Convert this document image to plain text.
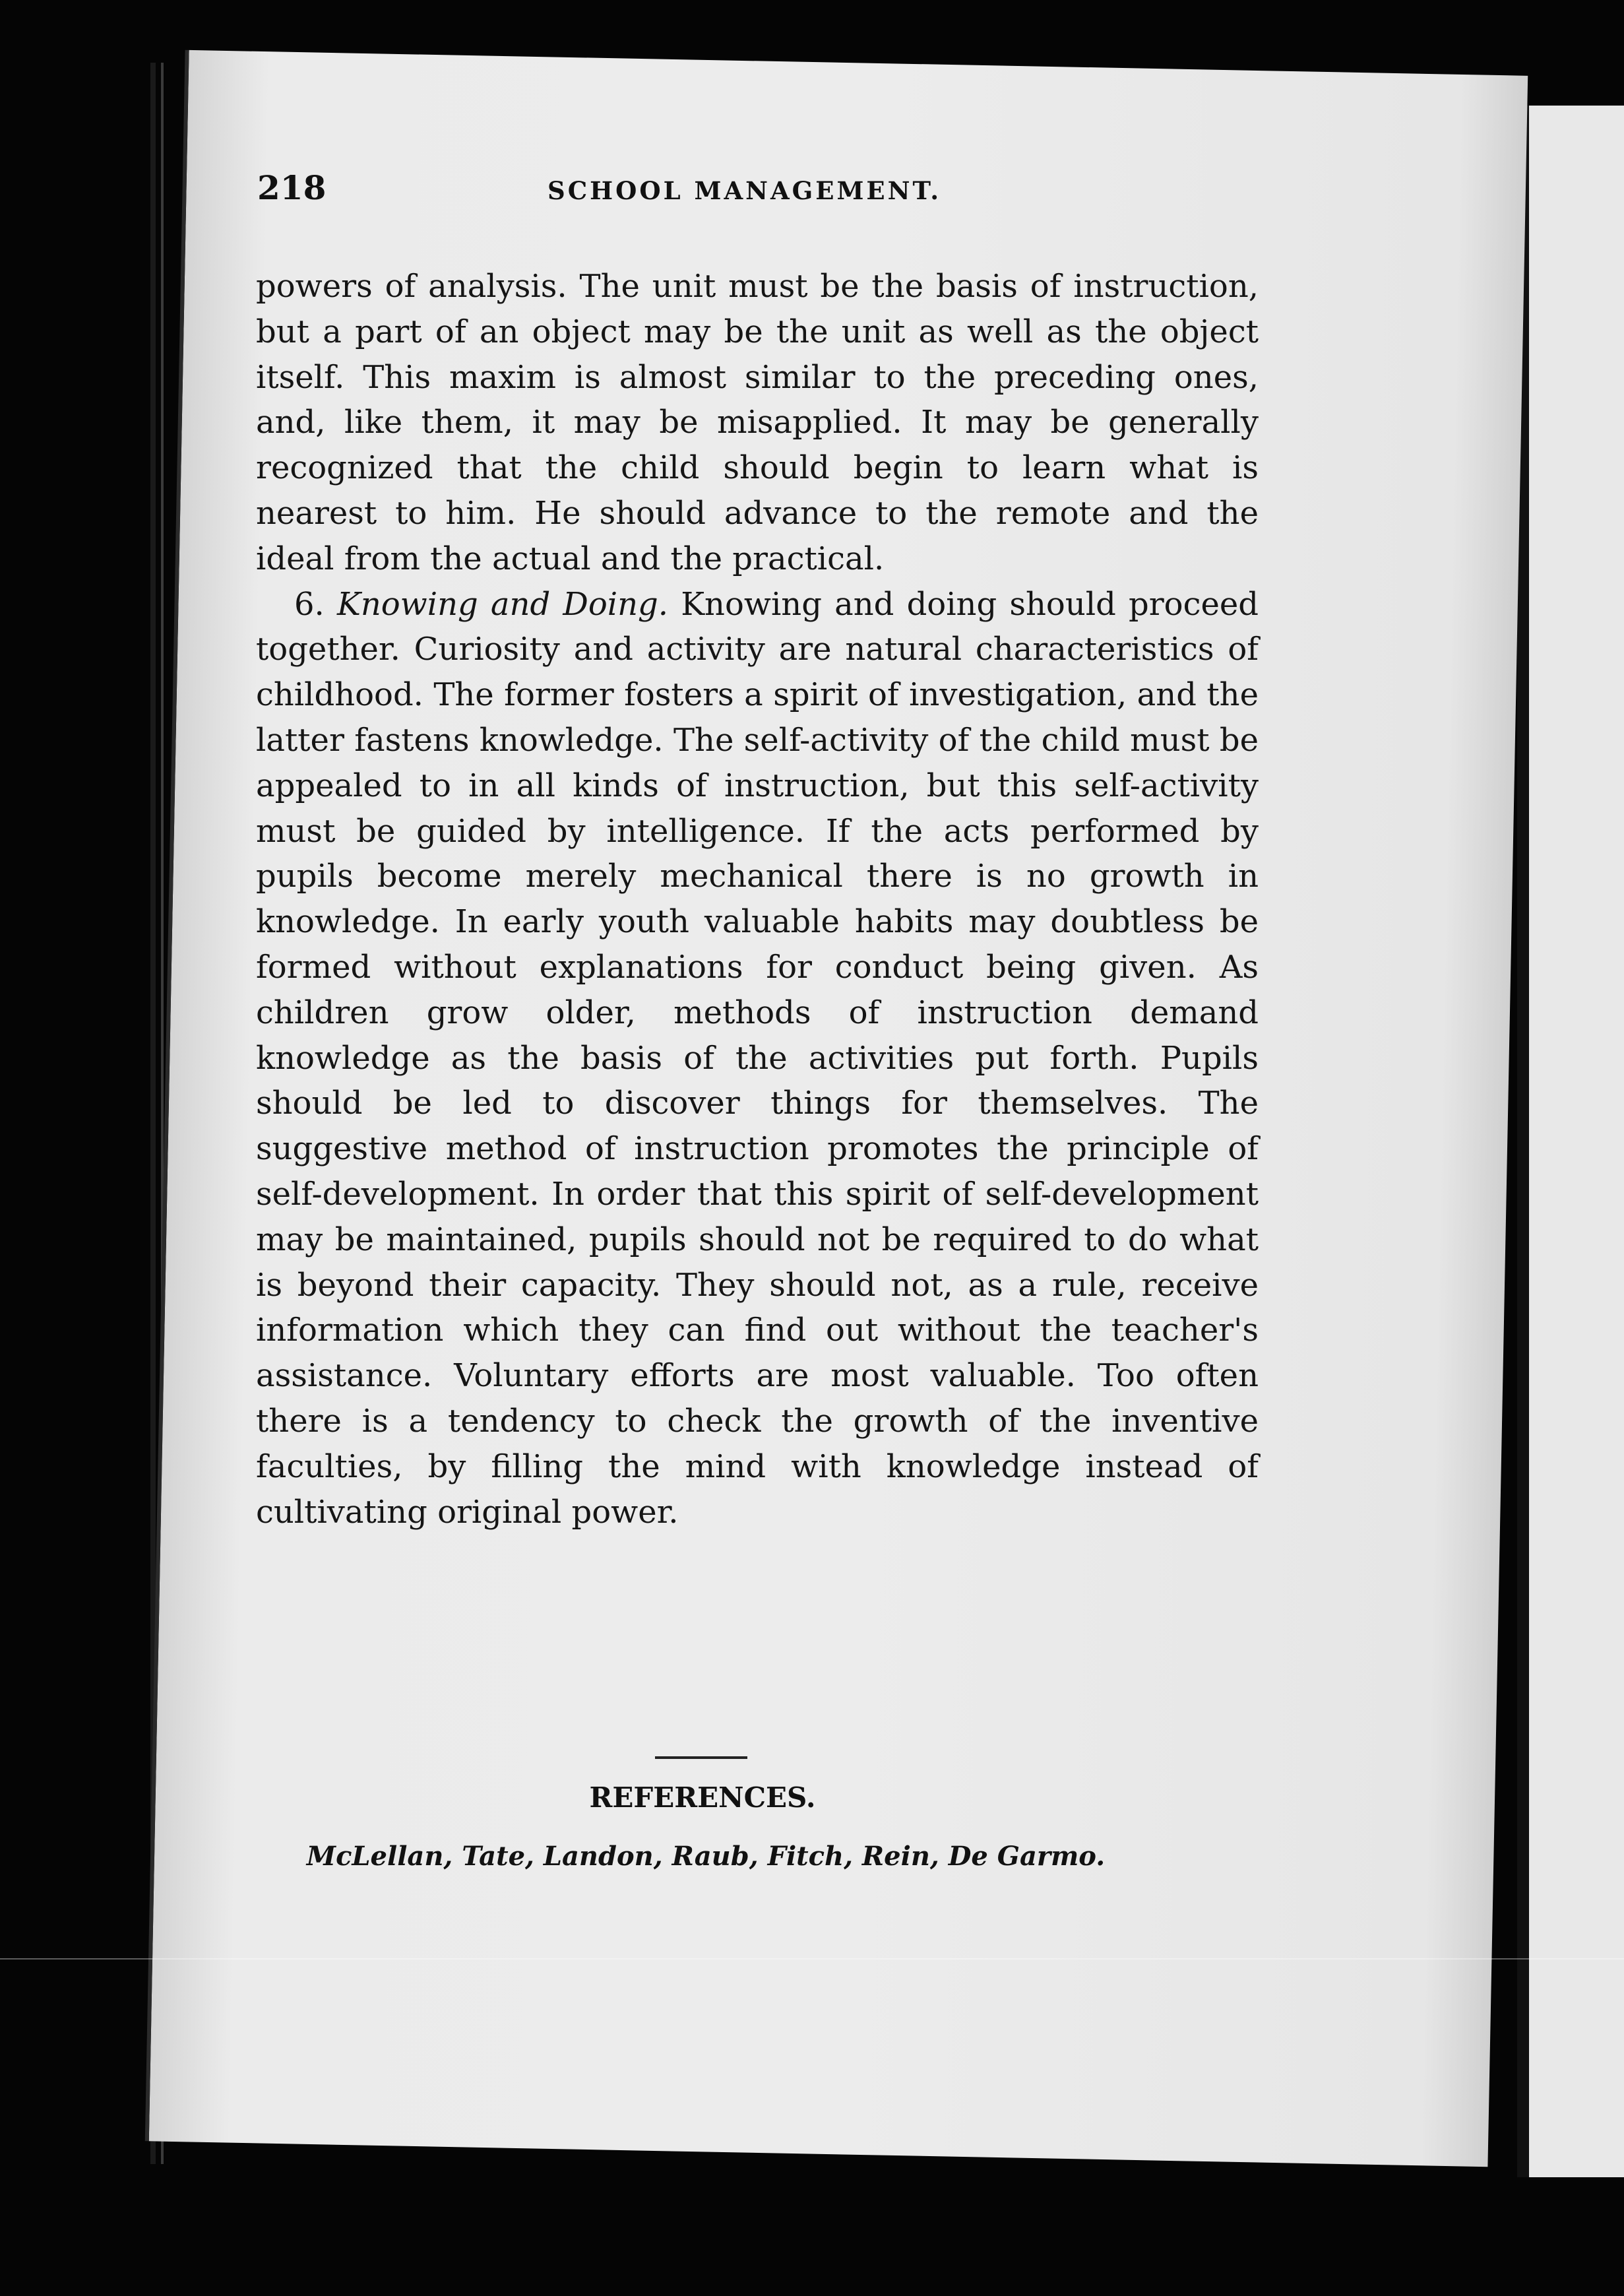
218	SCHOOL MANAGEMENT.

powers of analysis. The unit must be the basis of instruction, but a part of an object may be the unit as well as the object itself. This maxim is almost similar to the preceding ones, and, like them, it may be misapplied. It may be generally recognized that the child should begin to learn what is nearest to him. He should advance to the remote and the ideal from the actual and the practical.

6. Knowing and Doing. Knowing and doing should proceed together. Curiosity and activity are natural characteristics of childhood. The former fosters a spirit of investigation, and the latter fastens knowledge. The self-activity of the child must be appealed to in all kinds of instruction, but this self-activity must be guided by intelligence. If the acts performed by pupils become merely mechanical there is no growth in knowledge. In early youth valuable habits may doubtless be formed without explanations for conduct being given. As children grow older, methods of instruction demand knowledge as the basis of the activities put forth. Pupils should be led to discover things for themselves. The suggestive method of instruction promotes the principle of self-development. In order that this spirit of self-development may be maintained, pupils should not be required to do what is beyond their capacity. They should not, as a rule, receive information which they can find out without the teacher's assistance. Voluntary efforts are most valuable. Too often there is a tendency to check the growth of the inventive faculties, by filling the mind with knowledge instead of cultivating original power.

REFERENCES.
McLellan, Tate, Landon, Raub, Fitch, Rein, De Garmo.
